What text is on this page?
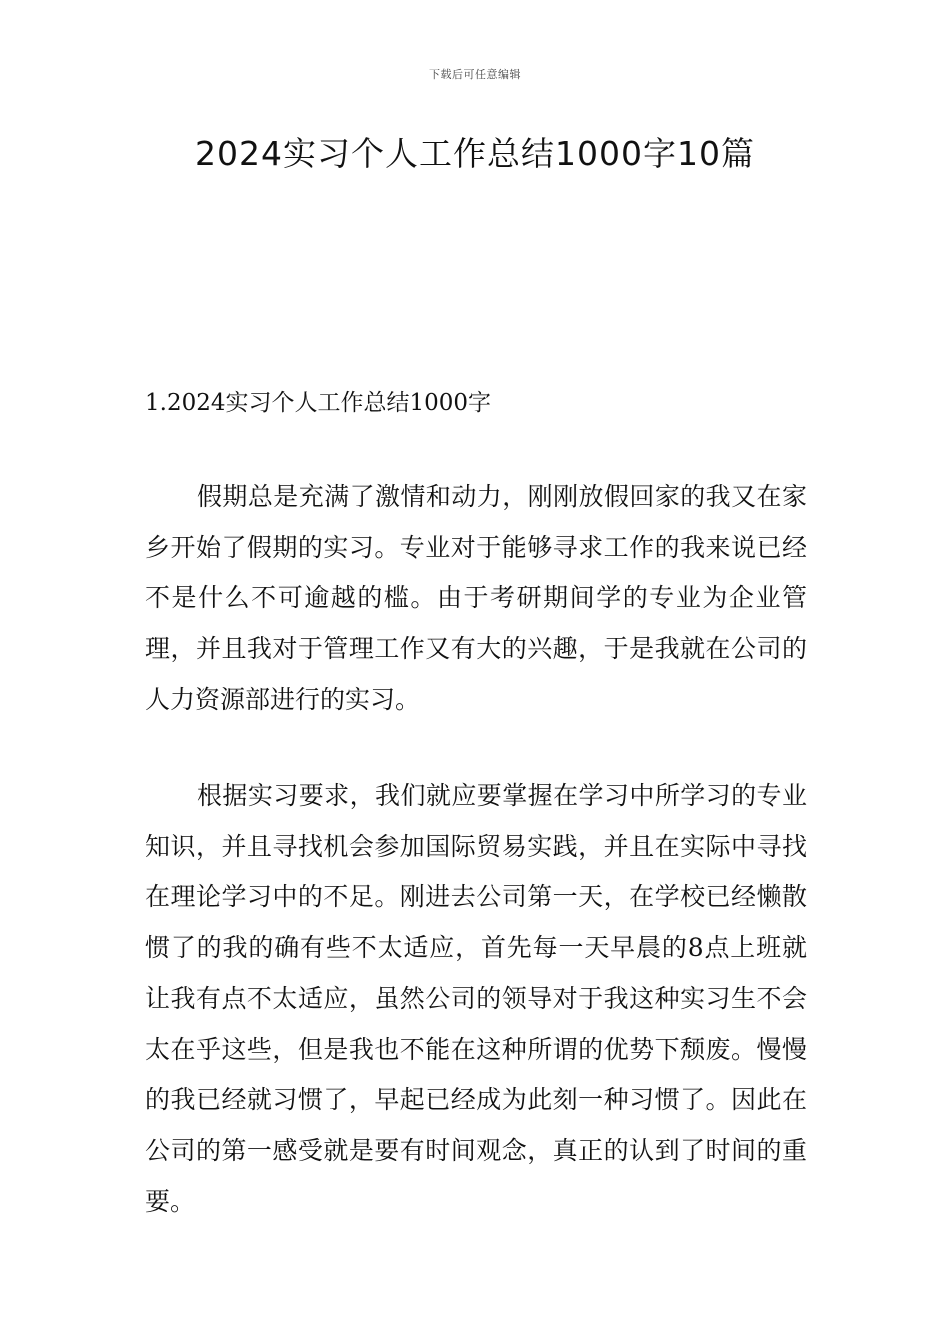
下载后可任意编辑
2024实习个人工作总结1000字10篇
1.2024实习个人工作总结1000字

假期总是充满了激情和动力，刚刚放假回家的我又在家乡开始了假期的实习。专业对于能够寻求工作的我来说已经不是什么不可逾越的槛。由于考研期间学的专业为企业管理，并且我对于管理工作又有大的兴趣，于是我就在公司的人力资源部进行的实习。

根据实习要求，我们就应要掌握在学习中所学习的专业知识，并且寻找机会参加国际贸易实践，并且在实际中寻找在理论学习中的不足。刚进去公司第一天，在学校已经懒散惯了的我的确有些不太适应，首先每一天早晨的8点上班就让我有点不太适应，虽然公司的领导对于我这种实习生不会太在乎这些，但是我也不能在这种所谓的优势下颓废。慢慢的我已经就习惯了，早起已经成为此刻一种习惯了。因此在公司的第一感受就是要有时间观念，真正的认到了时间的重要。
